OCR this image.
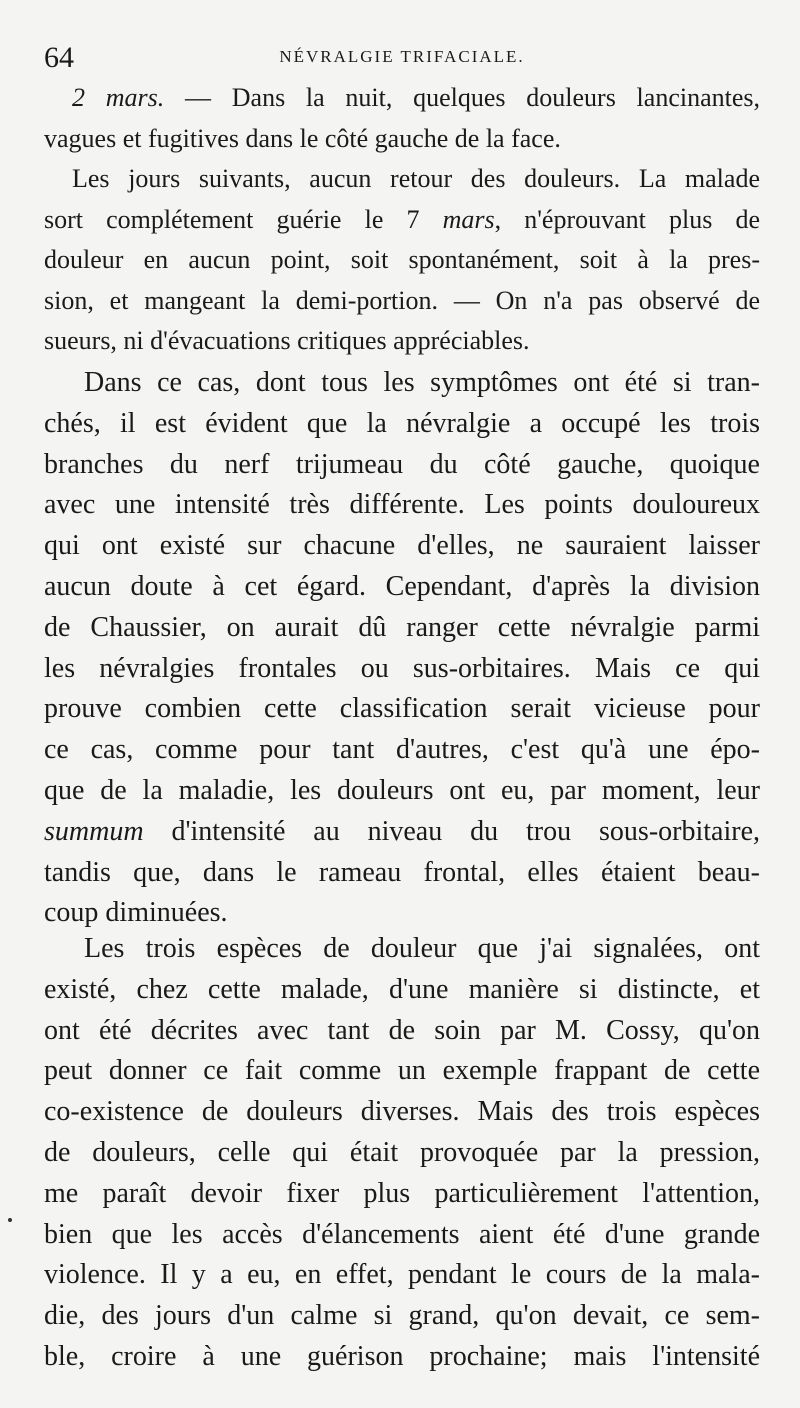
64	NÉVRALGIE TRIFACIALE.
2 mars. — Dans la nuit, quelques douleurs lancinantes,
vagues et fugitives dans le côté gauche de la face.
Les jours suivants, aucun retour des douleurs. La malade
sort complétement guérie le 7 mars, n'éprouvant plus de
douleur en aucun point, soit spontanément, soit à la pres-
sion, et mangeant la demi-portion. — On n'a pas observé de
sueurs, ni d'évacuations critiques appréciables.
Dans ce cas, dont tous les symptômes ont été si tran-
chés, il est évident que la névralgie a occupé les trois
branches du nerf trijumeau du côté gauche, quoique
avec une intensité très différente. Les points douloureux
qui ont existé sur chacune d'elles, ne sauraient laisser
aucun doute à cet égard. Cependant, d'après la division
de Chaussier, on aurait dû ranger cette névralgie parmi
les névralgies frontales ou sus-orbitaires. Mais ce qui
prouve combien cette classification serait vicieuse pour
ce cas, comme pour tant d'autres, c'est qu'à une épo-
que de la maladie, les douleurs ont eu, par moment, leur
summum d'intensité au niveau du trou sous-orbitaire,
tandis que, dans le rameau frontal, elles étaient beau-
coup diminuées.
Les trois espèces de douleur que j'ai signalées, ont
existé, chez cette malade, d'une manière si distincte, et
ont été décrites avec tant de soin par M. Cossy, qu'on
peut donner ce fait comme un exemple frappant de cette
co-existence de douleurs diverses. Mais des trois espèces
de douleurs, celle qui était provoquée par la pression,
me paraît devoir fixer plus particulièrement l'attention,
bien que les accès d'élancements aient été d'une grande
violence. Il y a eu, en effet, pendant le cours de la mala-
die, des jours d'un calme si grand, qu'on devait, ce sem-
ble, croire à une guérison prochaine; mais l'intensité
